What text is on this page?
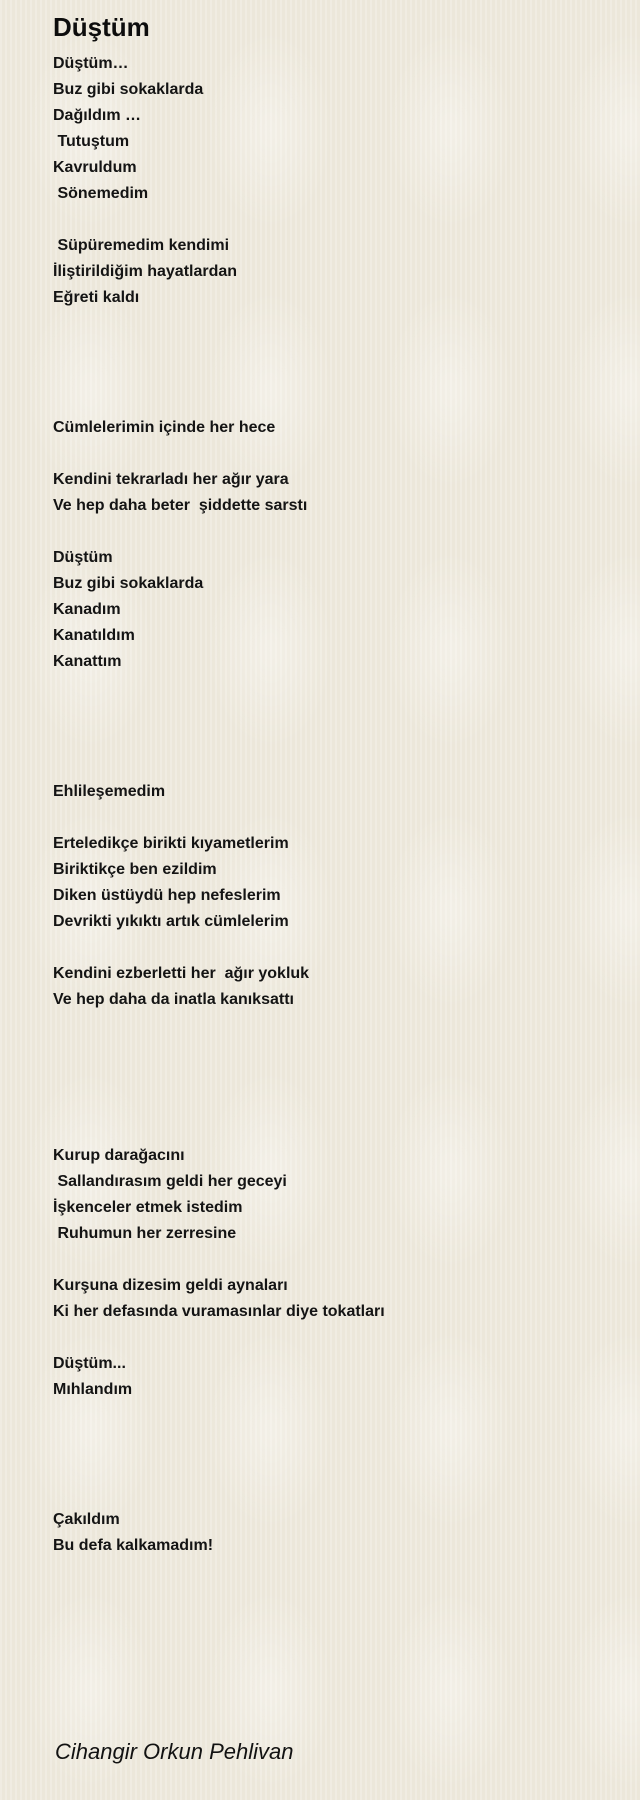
Düştüm
Düştüm…
Buz gibi sokaklarda
Dağıldım …
Tutuştum
Kavruldum
Sönemedim
Süpüremedim kendimi
İliştirildiğim hayatlardan
Eğreti kaldı
Cümlelerimin içinde her hece
Kendini tekrarladı her ağır yara
Ve hep daha beter  şiddette sarstı
Düştüm
Buz gibi sokaklarda
Kanadım
Kanatıldım
Kanattım
Ehlileşemedim
Erteledikçe birikti kıyametlerim
Biriktikçe ben ezildim
Diken üstüydü hep nefeslerim
Devrikti yıkıktı artık cümlelerim
Kendini ezberletti her  ağır yokluk
Ve hep daha da inatla kanıksattı
Kurup darağacını
Sallandırasım geldi her geceyi
İşkenceler etmek istedim
Ruhumun her zerresine
Kurşuna dizesim geldi aynaları
Ki her defasında vuramasınlar diye tokatları
Düştüm...
Mıhlandım
Çakıldım
Bu defa kalkamadım!

Cihangir Orkun Pehlivan
